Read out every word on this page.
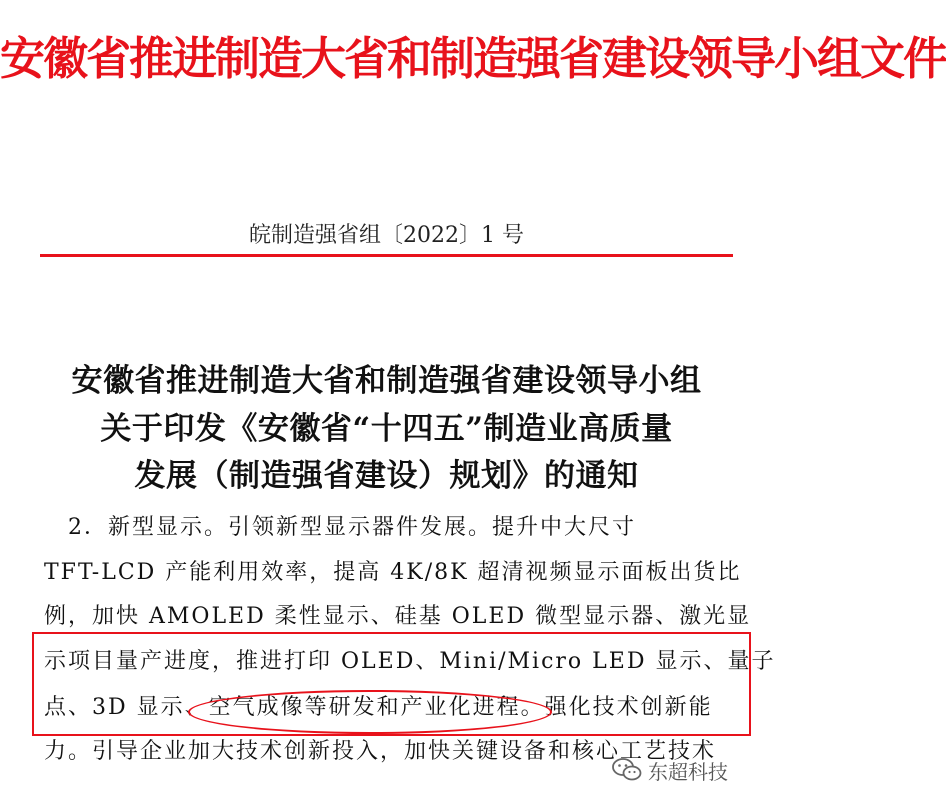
安徽省推进制造大省和制造强省建设领导小组文件
皖制造强省组〔2022〕1 号
安徽省推进制造大省和制造强省建设领导小组
关于印发《安徽省“十四五”制造业高质量
发展（制造强省建设）规划》的通知
　2．新型显示。引领新型显示器件发展。提升中大尺寸
TFT-LCD 产能利用效率，提高 4K/8K 超清视频显示面板出货比
例，加快 AMOLED 柔性显示、硅基 OLED 微型显示器、激光显
示项目量产进度，推进打印 OLED、Mini/Micro LED 显示、量子
点、3D 显示、空气成像等研发和产业化进程。强化技术创新能
力。引导企业加大技术创新投入，加快关键设备和核心工艺技术
东超科技
